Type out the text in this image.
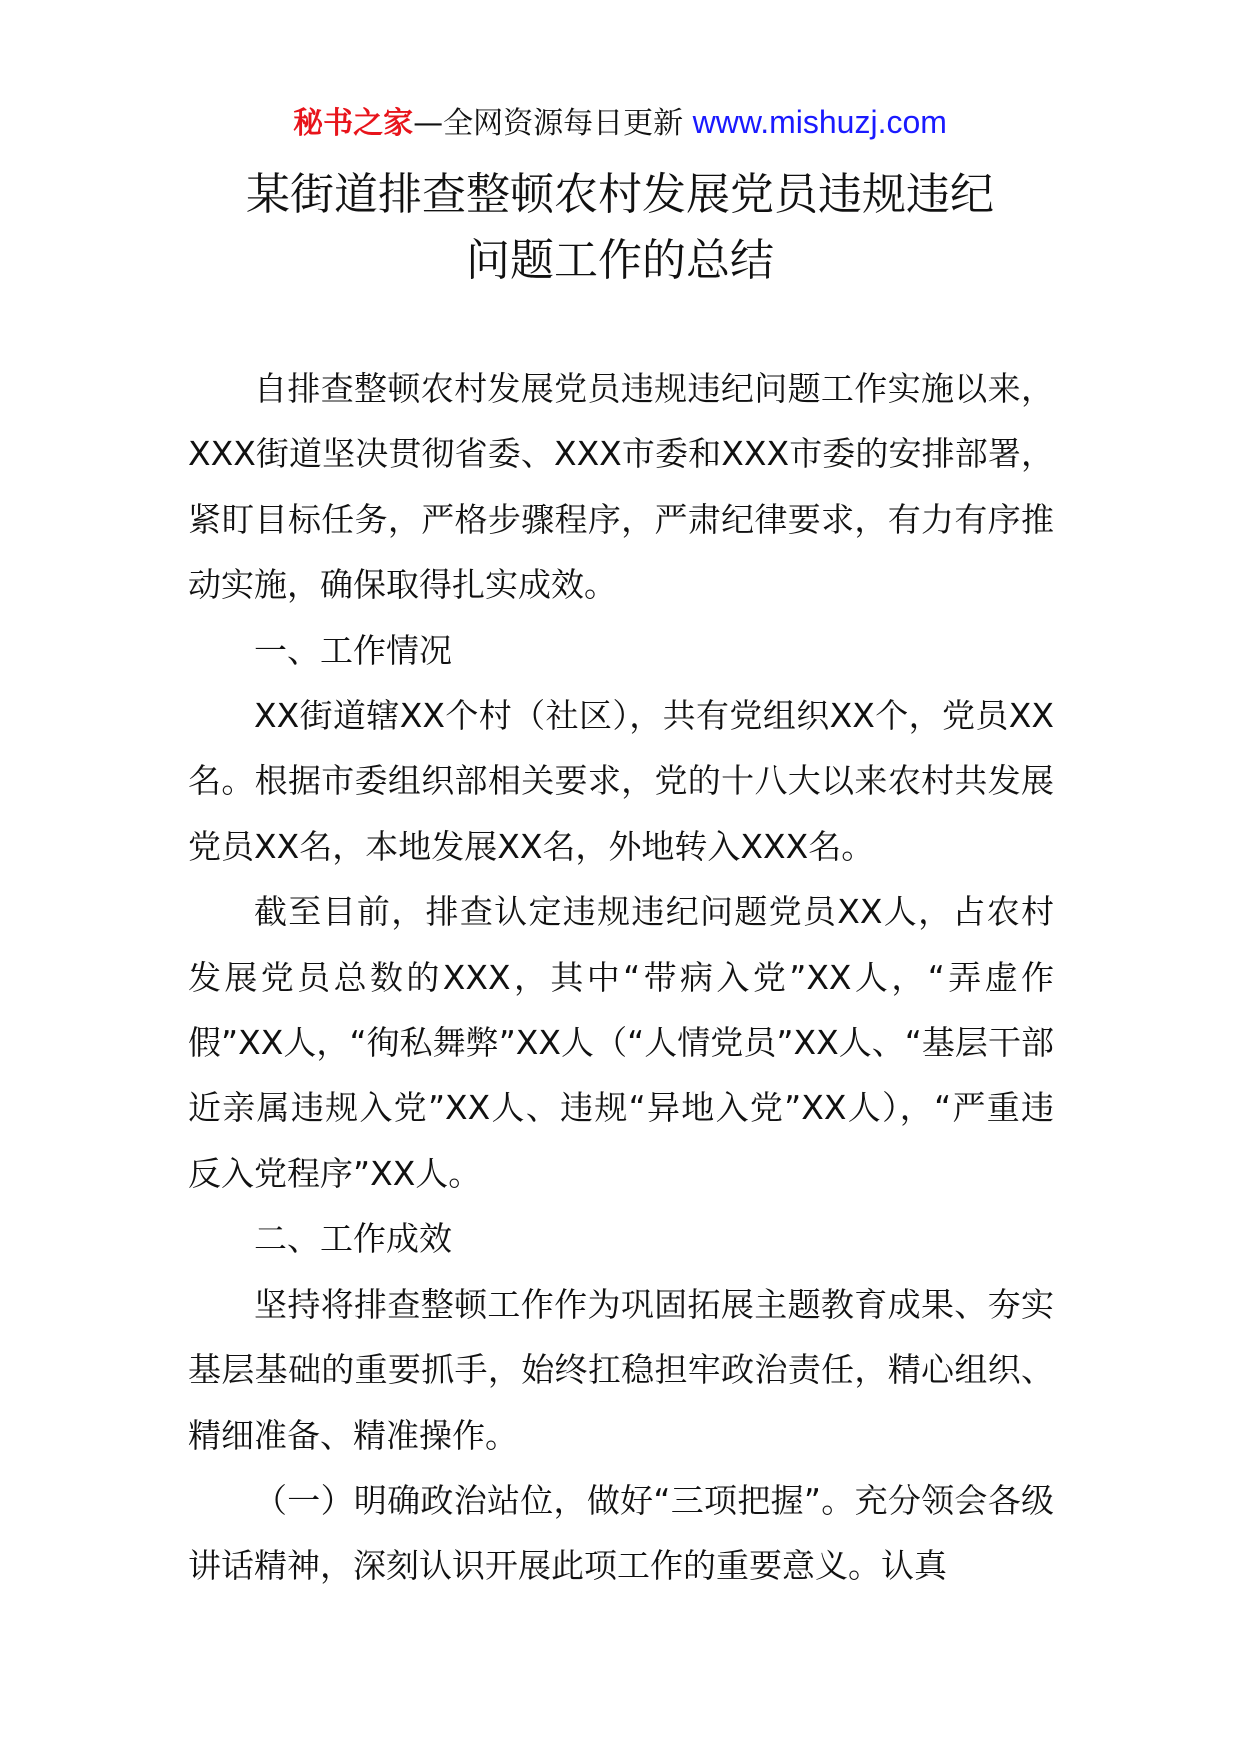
秘书之家—全网资源每日更新 www.mishuzj.com
某街道排查整顿农村发展党员违规违纪
问题工作的总结

自排查整顿农村发展党员违规违纪问题工作实施以来，XXX街道坚决贯彻省委、XXX市委和XXX市委的安排部署，紧盯目标任务，严格步骤程序，严肃纪律要求，有力有序推动实施，确保取得扎实成效。

一、工作情况

XX街道辖XX个村（社区），共有党组织XX个，党员XX名。根据市委组织部相关要求，党的十八大以来农村共发展党员XX名，本地发展XX名，外地转入XXX名。

截至目前，排查认定违规违纪问题党员XX人，占农村发展党员总数的XXX，其中“带病入党”XX人，“弄虚作假”XX人，“徇私舞弊”XX人（“人情党员”XX人、“基层干部近亲属违规入党”XX人、违规“异地入党”XX人），“严重违反入党程序”XX人。

二、工作成效

坚持将排查整顿工作作为巩固拓展主题教育成果、夯实基层基础的重要抓手，始终扛稳担牢政治责任，精心组织、精细准备、精准操作。

（一）明确政治站位，做好“三项把握”。充分领会各级讲话精神，深刻认识开展此项工作的重要意义。认真
